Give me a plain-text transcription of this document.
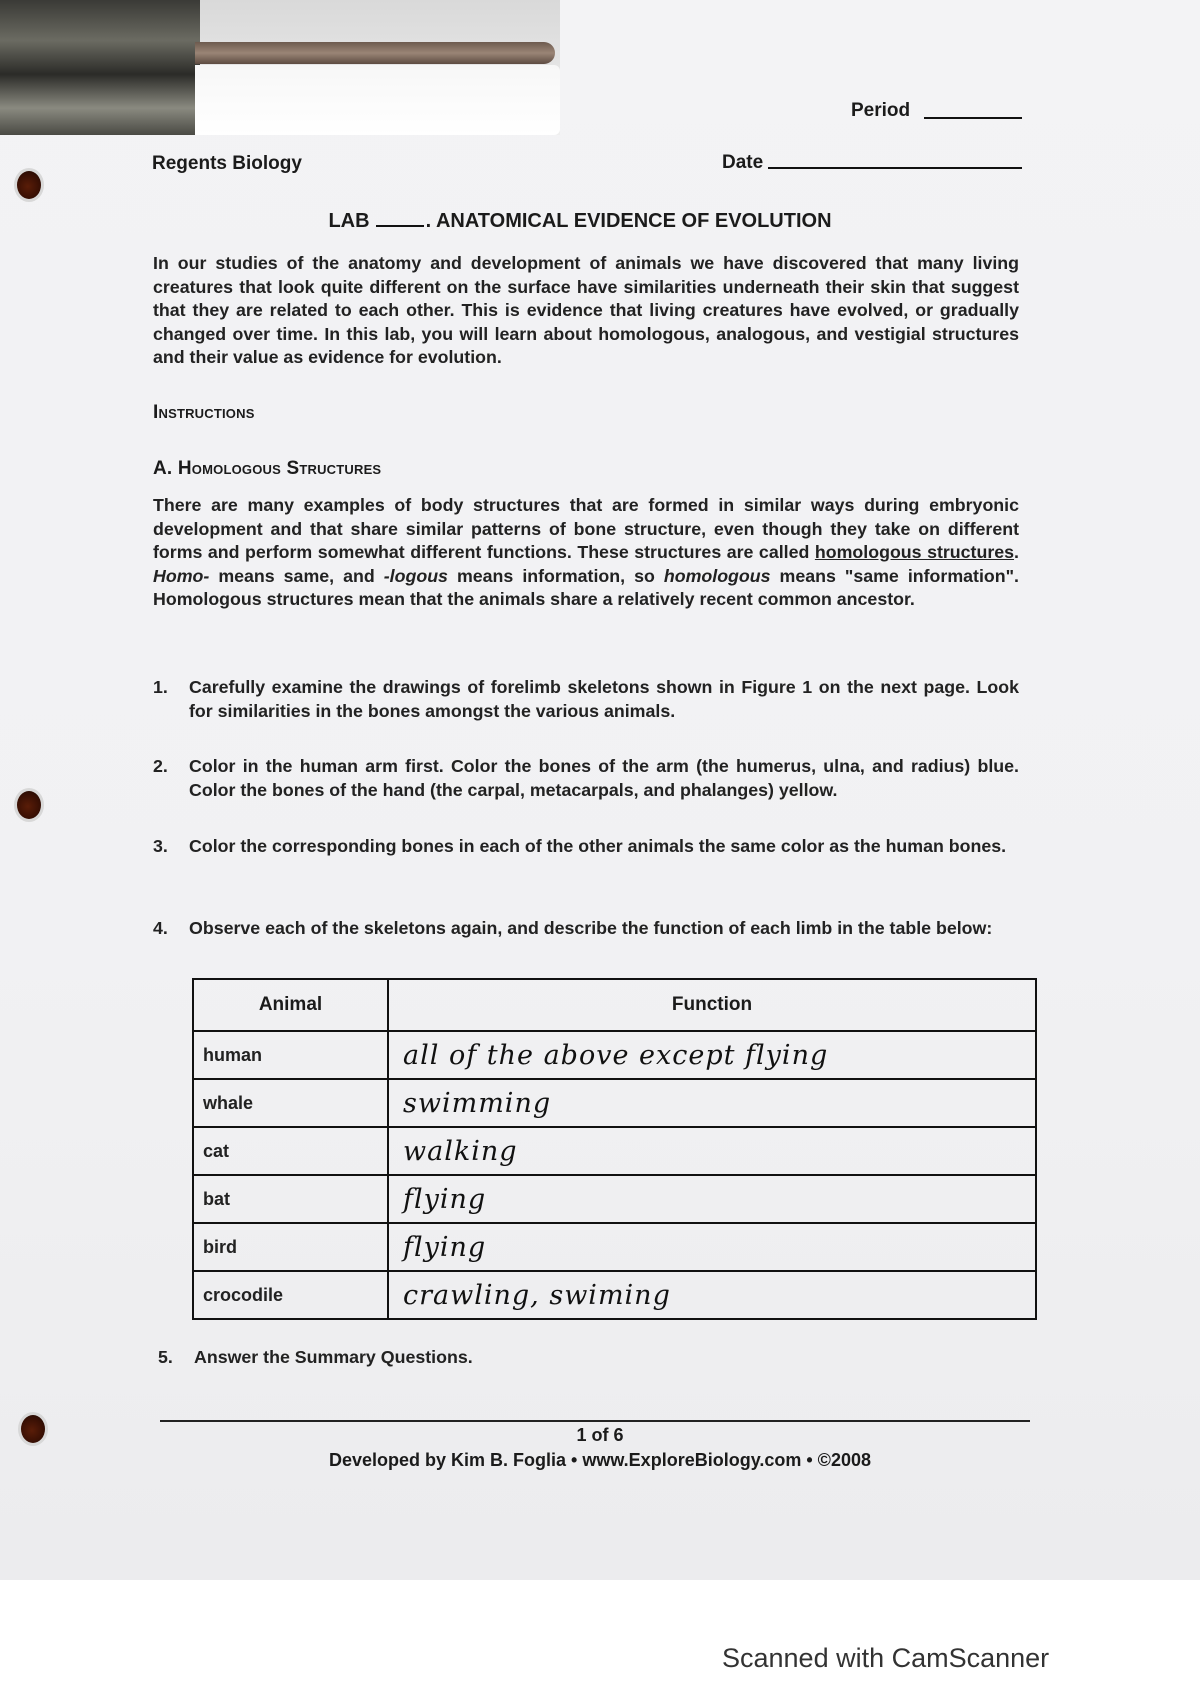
Period
Regents Biology	Date
LAB	. ANATOMICAL EVIDENCE OF EVOLUTION
In our studies of the anatomy and development of animals we have discovered that many living creatures that look quite different on the surface have similarities underneath their skin that suggest that they are related to each other. This is evidence that living creatures have evolved, or gradually changed over time. In this lab, you will learn about homologous, analogous, and vestigial structures and their value as evidence for evolution.
Instructions
A. Homologous Structures
There are many examples of body structures that are formed in similar ways during embryonic development and that share similar patterns of bone structure, even though they take on different forms and perform somewhat different functions. These structures are called homologous structures. Homo- means same, and -logous means information, so homologous means "same information". Homologous structures mean that the animals share a relatively recent common ancestor.
1. Carefully examine the drawings of forelimb skeletons shown in Figure 1 on the next page. Look for similarities in the bones amongst the various animals.
2. Color in the human arm first. Color the bones of the arm (the humerus, ulna, and radius) blue. Color the bones of the hand (the carpal, metacarpals, and phalanges) yellow.
3. Color the corresponding bones in each of the other animals the same color as the human bones.
4. Observe each of the skeletons again, and describe the function of each limb in the table below:
Animal	Function
human	all of the above except flying
whale	swimming
cat	walking
bat	flying
bird	flying
crocodile	crawling, swiming
5. Answer the Summary Questions.
1 of 6
Developed by Kim B. Foglia • www.ExploreBiology.com • ©2008
Scanned with CamScanner
